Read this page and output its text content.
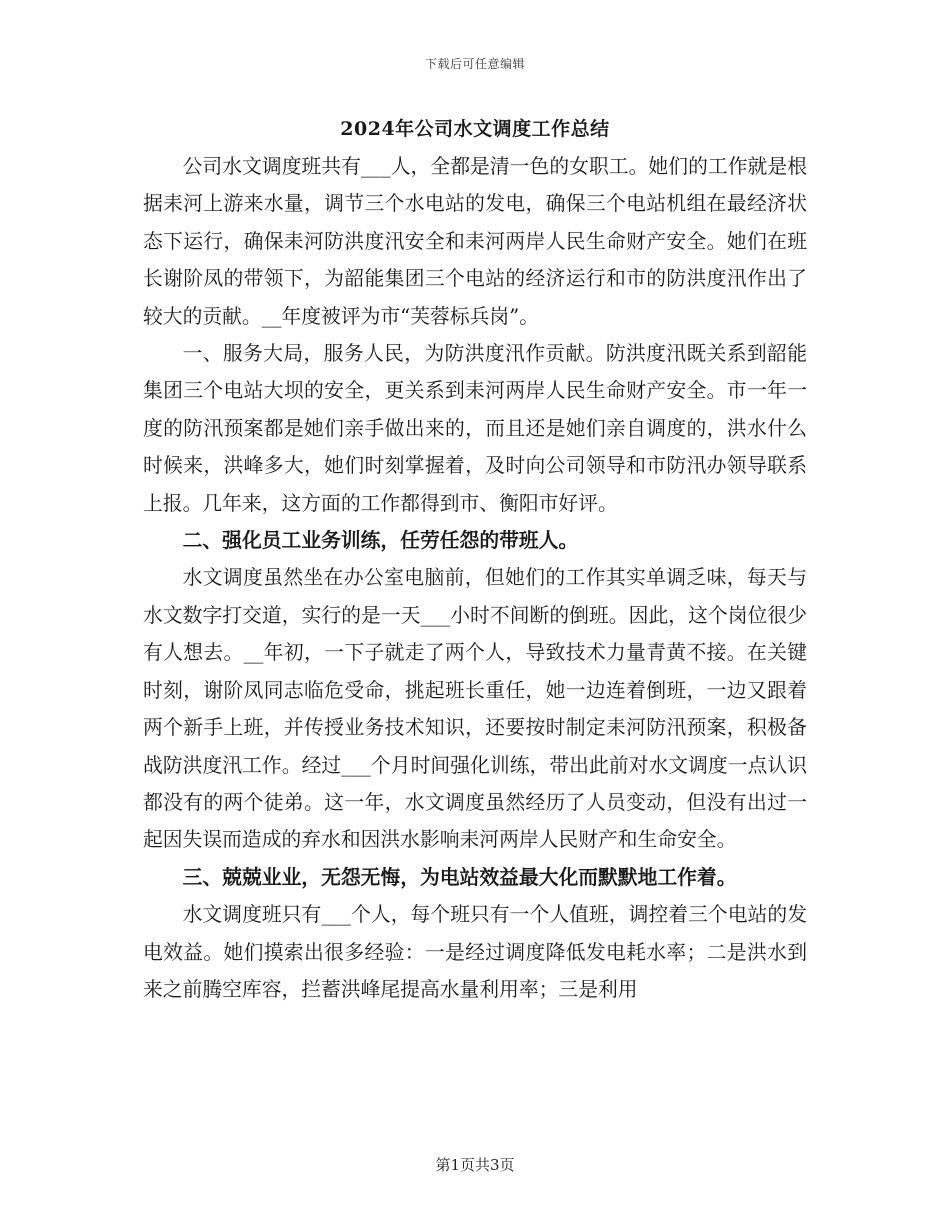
下载后可任意编辑
2024年公司水文调度工作总结

公司水文调度班共有___人，全都是清一色的女职工。她们的工作就是根据耒河上游来水量，调节三个水电站的发电，确保三个电站机组在最经济状态下运行，确保耒河防洪度汛安全和耒河两岸人民生命财产安全。她们在班长谢阶凤的带领下，为韶能集团三个电站的经济运行和市的防洪度汛作出了较大的贡献。__年度被评为市“芙蓉标兵岗”。

一、服务大局，服务人民，为防洪度汛作贡献。防洪度汛既关系到韶能集团三个电站大坝的安全，更关系到耒河两岸人民生命财产安全。市一年一度的防汛预案都是她们亲手做出来的，而且还是她们亲自调度的，洪水什么时候来，洪峰多大，她们时刻掌握着，及时向公司领导和市防汛办领导联系上报。几年来，这方面的工作都得到市、衡阳市好评。

二、强化员工业务训练，任劳任怨的带班人。

水文调度虽然坐在办公室电脑前，但她们的工作其实单调乏味，每天与水文数字打交道，实行的是一天___小时不间断的倒班。因此，这个岗位很少有人想去。__年初，一下子就走了两个人，导致技术力量青黄不接。在关键时刻，谢阶凤同志临危受命，挑起班长重任，她一边连着倒班，一边又跟着两个新手上班，并传授业务技术知识，还要按时制定耒河防汛预案，积极备战防洪度汛工作。经过___个月时间强化训练，带出此前对水文调度一点认识都没有的两个徒弟。这一年，水文调度虽然经历了人员变动，但没有出过一起因失误而造成的弃水和因洪水影响耒河两岸人民财产和生命安全。

三、兢兢业业，无怨无悔，为电站效益最大化而默默地工作着。

水文调度班只有___个人，每个班只有一个人值班，调控着三个电站的发电效益。她们摸索出很多经验：一是经过调度降低发电耗水率；二是洪水到来之前腾空库容，拦蓄洪峰尾提高水量利用率；三是利用

第1页共3页
